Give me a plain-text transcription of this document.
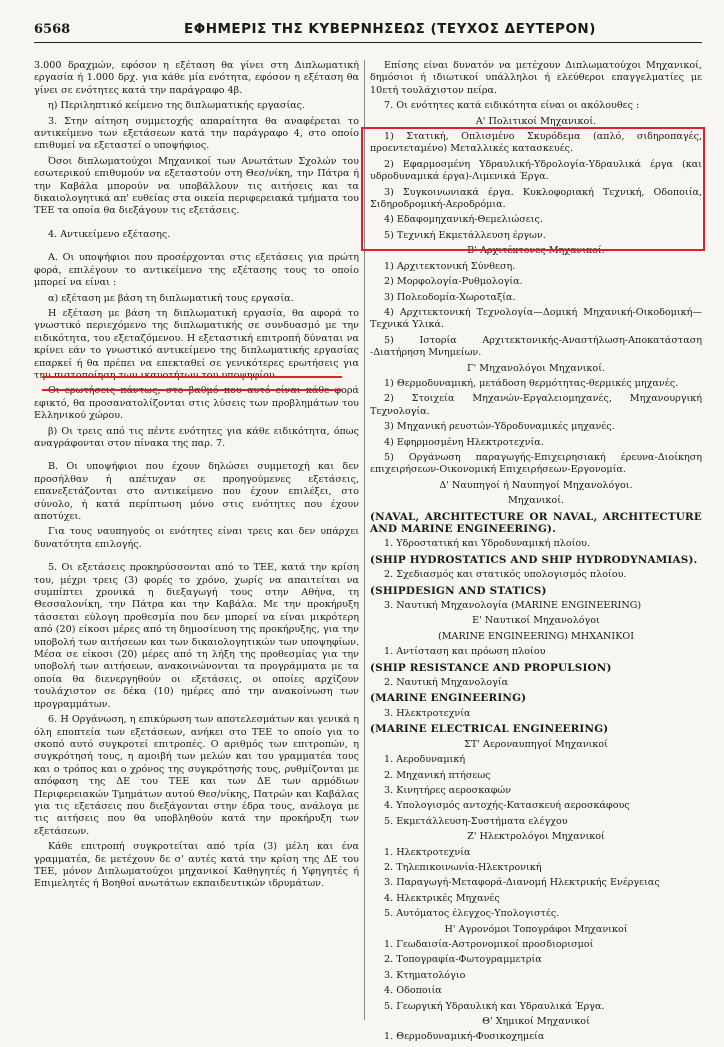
6568	ΕΦΗΜΕΡΙΣ ΤΗΣ ΚΥΒΕΡΝΗΣΕΩΣ (ΤΕΥΧΟΣ ΔΕΥΤΕΡΟΝ)

3.000 δραχμών, εφόσον η εξέταση θα γίνει στη Διπλωματική εργασία ή 1.000 δρχ. για κάθε μία ενότητα, εφόσον η εξέταση θα γίνει σε ενότητες κατά την παράγραφο 4β.

η) Περιληπτικό κείμενο της διπλωματικής εργασίας.

3. Στην αίτηση συμμετοχής απαραίτητα θα αναφέρεται το αντικείμενο των εξετάσεων κατά την παράγραφο 4, στο οποίο επιθυμεί να εξεταστεί ο υποψήφιος.

Όσοι διπλωματούχοι Μηχανικοί των Ανωτάτων Σχολών του εσωτερικού επιθυμούν να εξεταστούν στη Θεσ/νίκη, την Πάτρα ή την Καβάλα μπορούν να υποβάλλουν τις αιτήσεις και τα δικαιολογητικά απ' ευθείας στα οικεία περιφερειακά τμήματα του ΤΕΕ τα οποία θα διεξάγουν τις εξετάσεις.

4. Αντικείμενο εξέτασης.

Α. Οι υποψήφιοι που προσέρχονται στις εξετάσεις για πρώτη φορά, επιλέγουν το αντικείμενο της εξέτασης τους το οποίο μπορεί να είναι :

α) εξέταση με βάση τη διπλωματική τους εργασία.

Η εξέταση με βάση τη διπλωματική εργασία, θα αφορά το γνωστικό περιεχόμενο της διπλωματικής σε συνδυασμό με την ειδικότητα, του εξεταζόμενου. Η εξεταστική επιτροπή δύναται να κρίνει εάν το γνωστικό αντικείμενο της διπλωματικής εργασίας επαρκεί ή θα πρέπει να επεκταθεί σε γενικότερες ερωτήσεις για την πιστοποίηση των ικανοτήτων του υποψηφίου.

Οι ερωτήσεις πάντως, στο βαθμό που αυτό είναι κάθε φορά εφικτό, θα προσανατολίζονται στις λύσεις των προβλημάτων του Ελληνικού χώρου.

β) Οι τρεις από τις πέντε ενότητες για κάθε ειδικότητα, όπως αναγράφονται στον πίνακα της παρ. 7.

Β. Οι υποψήφιοι που έχουν δηλώσει συμμετοχή και δεν προσήλθαν ή απέτυχαν σε προηγούμενες εξετάσεις, επανεξετάζονται στο αντικείμενο που έχουν επιλέξει, στο σύνολο, ή κατά περίπτωση μόνο στις ενότητες που έχουν αποτύχει.

Για τους ναυπηγούς οι ενότητες είναι τρεις και δεν υπάρχει δυνατότητα επιλογής.

5. Οι εξετάσεις προκηρύσσονται από το ΤΕΕ, κατά την κρίση του, μέχρι τρεις (3) φορές το χρόνο, χωρίς να απαιτείται να συμπίπτει χρονικά η διεξαγωγή τους στην Αθήνα, τη Θεσσαλονίκη, την Πάτρα και την Καβάλα. Με την προκήρυξη τάσσεται εύλογη προθεσμία που δεν μπορεί να είναι μικρότερη από (20) είκοσι μέρες από τη δημοσίευση της προκήρυξης, για την υποβολή των αιτήσεων και των δικαιολογητικών των υποψηφίων. Μέσα σε είκοσι (20) μέρες από τη λήξη της προθεσμίας για την υποβολή των αιτήσεων, ανακοινώνονται τα προγράμματα με τα οποία θα διενεργηθούν οι εξετάσεις, οι οποίες αρχίζουν τουλάχιστον σε δέκα (10) ημέρες από την ανακοίνωση των προγραμμάτων.

6. Η Οργάνωση, η επικύρωση των αποτελεσμάτων και γενικά η όλη εποπτεία των εξετάσεων, ανήκει στο ΤΕΕ το οποίο για το σκοπό αυτό συγκροτεί επιτροπές. Ο αριθμός των επιτροπών, η συγκρότησή τους, η αμοιβή των μελών και του γραμματέα τους και ο τρόπος και ο χρόνος της συγκρότησής τους, ρυθμίζονται με απόφαση της ΔΕ του ΤΕΕ και των ΔΕ των αρμόδιων Περιφερειακών Τμημάτων αυτού Θεσ/νίκης, Πατρών και Καβάλας για τις εξετάσεις που διεξάγονται στην έδρα τους, ανάλογα με τις αιτήσεις που θα υποβληθούν κατά την προκήρυξη των εξετάσεων.

Κάθε επιτροπή συγκροτείται από τρία (3) μέλη και ένα γραμματέα, δε μετέχουν δε σ' αυτές κατά την κρίση της ΔΕ του ΤΕΕ, μόνον Διπλωματούχοι μηχανικοί Καθηγητές ή Υφηγητές ή Επιμελητές ή Βοηθοί ανωτάτων εκπαιδευτικών ιδρυμάτων.

Επίσης είναι δυνατόν να μετέχουν Διπλωματούχοι Μηχανικοί, δημόσιοι ή ιδιωτικοί υπάλληλοι ή ελεύθεροι επαγγελματίες με 10ετή τουλάχιστον πείρα.

7. Οι ενότητες κατά ειδικότητα είναι οι ακόλουθες :

Α' Πολιτικοί Μηχανικοί.

1) Στατική, Οπλισμένο Σκυρόδεμα (απλό, σιδηροπαγές, προεντεταμένο) Μεταλλικές κατασκευές.

2) Εφαρμοσμένη Υδραυλική-Υδρολογία-Υδραυλικά έργα (και υδροδυναμικά έργα)-Λιμενικά Έργα.

3) Συγκοινωνιακά έργα. Κυκλοφοριακή Τεχνική, Οδοποιία, Σιδηροδρομική-Αεροδρόμια.

4) Εδαφομηχανική-Θεμελιώσεις.

5) Τεχνική Εκμετάλλευση έργων.

Β' Αρχιτέκτονες Μηχανικοί.

1) Αρχιτεκτονική Σύνθεση.

2) Μορφολογία-Ρυθμολογία.

3) Πολεοδομία-Χωροταξία.

4) Αρχιτεκτονική Τεχνολογία—Δομική Μηχανική-Οικοδομική—Τεχνικά Υλικά.

5) Ιστορία Αρχιτεκτονικής-Αναστήλωση-Αποκατάσταση -Διατήρηση Μνημείων.

Γ' Μηχανολόγοι Μηχανικοί.

1) Θερμοδυναμική, μετάδοση θερμότητας-θερμικές μηχανές.

2) Στοιχεία Μηχανών-Εργαλειομηχανές, Μηχανουργική Τεχνολογία.

3) Μηχανική ρευστών-Υδροδυναμικές μηχανές.

4) Εφηρμοσμένη Ηλεκτροτεχνία.

5) Οργάνωση παραγωγής-Επιχειρησιακή έρευνα-Διοίκηση επιχειρήσεων-Οικονομική Επιχειρήσεων-Εργονομία.

Δ' Ναυπηγοί ή Ναυπηγοί Μηχανολόγοι.

Μηχανικοί.

(NAVAL, ARCHITECTURE OR NAVAL, ARCHITECTURE AND MARINE ENGINEERING).

1. Υδροστατική και Υδροδυναμική πλοίου.

(SHIP HYDROSTATICS AND SHIP HYDRODYNAMIAS).

2. Σχεδιασμός και στατικός υπολογισμός πλοίου.

(SHIPDESIGN AND STATICS)

3. Ναυτική Μηχανολογία (MARINE ENGINEERING)

Ε' Ναυτικοί Μηχανολόγοι

(MARINE ENGINEERING) ΜΗΧΑΝΙΚΟΙ

1. Αντίσταση και πρόωση πλοίου

(SHIP RESISTANCE AND PROPULSION)

2. Ναυτική Μηχανολογία

(MARINE ENGINEERING)

3. Ηλεκτροτεχνία

(MARINE ELECTRICAL ENGINEERING)

ΣΤ' Αεροναυπηγοί Μηχανικοί

1. Αεροδυναμική

2. Μηχανική πτήσεως

3. Κινητήρες αεροσκαφών

4. Υπολογισμός αντοχής-Κατασκευή αεροσκάφους

5. Εκμετάλλευση-Συστήματα ελέγχου

Ζ' Ηλεκτρολόγοι Μηχανικοί

1. Ηλεκτροτεχνία

2. Τηλεπικοινωνία-Ηλεκτρονική

3. Παραγωγή-Μεταφορά-Διανομή Ηλεκτρικής Ενέργειας

4. Ηλεκτρικές Μηχανές

5. Αυτόματος έλεγχος-Υπολογιστές.

Η' Αγρονόμοι Τοπογράφοι Μηχανικοί

1. Γεωδαισία-Αστρονομικοί προσδιορισμοί

2. Τοπογραφία-Φωτογραμμετρία

3. Κτηματολόγιο

4. Οδοποιία

5. Γεωργική Υδραυλική και Υδραυλικά Έργα.

Θ' Χημικοί Μηχανικοί

1. Θερμοδυναμική-Φυσικοχημεία
